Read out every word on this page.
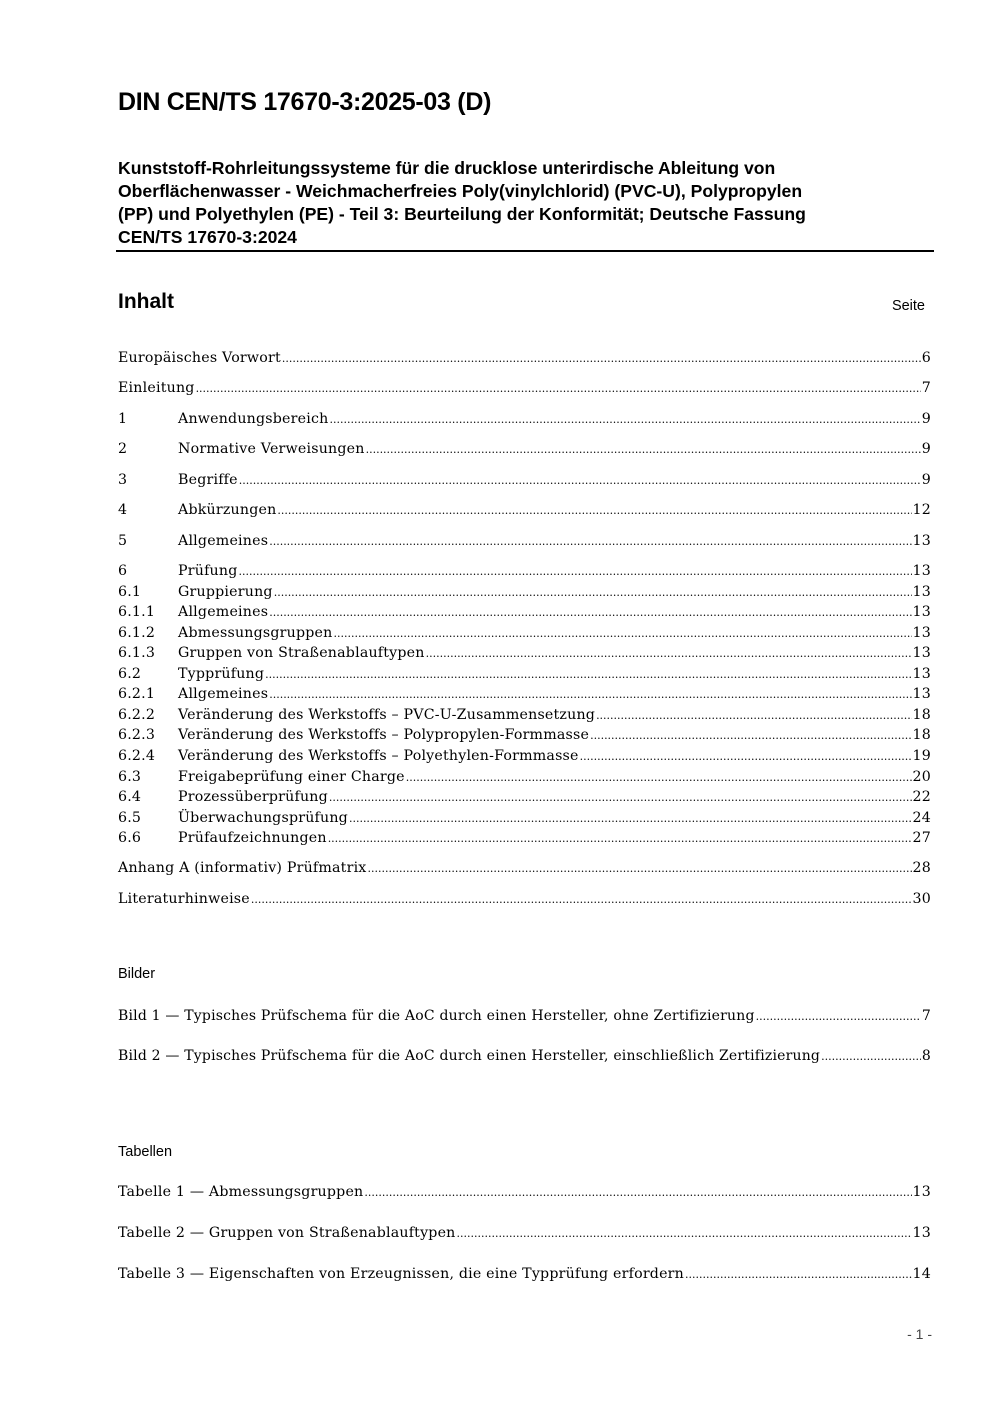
DIN CEN/TS 17670-3:2025-03 (D)
Kunststoff-Rohrleitungssysteme für die drucklose unterirdische Ableitung von
Oberflächenwasser - Weichmacherfreies Poly(vinylchlorid) (PVC-U), Polypropylen
(PP) und Polyethylen (PE) - Teil 3: Beurteilung der Konformität; Deutsche Fassung
CEN/TS 17670-3:2024
Inhalt	Seite
Europäisches Vorwort .....	6
Einleitung .....	7
1	Anwendungsbereich .....	9
2	Normative Verweisungen .....	9
3	Begriffe .....	9
4	Abkürzungen .....	12
5	Allgemeines .....	13
6	Prüfung .....	13
6.1	Gruppierung .....	13
6.1.1	Allgemeines .....	13
6.1.2	Abmessungsgruppen .....	13
6.1.3	Gruppen von Straßenablauftypen .....	13
6.2	Typprüfung .....	13
6.2.1	Allgemeines .....	13
6.2.2	Veränderung des Werkstoffs – PVC-U-Zusammensetzung .....	18
6.2.3	Veränderung des Werkstoffs – Polypropylen-Formmasse .....	18
6.2.4	Veränderung des Werkstoffs – Polyethylen-Formmasse .....	19
6.3	Freigabeprüfung einer Charge .....	20
6.4	Prozessüberprüfung .....	22
6.5	Überwachungsprüfung .....	24
6.6	Prüfaufzeichnungen .....	27
Anhang A (informativ) Prüfmatrix .....	28
Literaturhinweise .....	30
Bilder
Bild 1 — Typisches Prüfschema für die AoC durch einen Hersteller, ohne Zertifizierung .....	7
Bild 2 — Typisches Prüfschema für die AoC durch einen Hersteller, einschließlich Zertifizierung .....	8
Tabellen
Tabelle 1 — Abmessungsgruppen .....	13
Tabelle 2 — Gruppen von Straßenablauftypen .....	13
Tabelle 3 — Eigenschaften von Erzeugnissen, die eine Typprüfung erfordern .....	14
- 1 -
